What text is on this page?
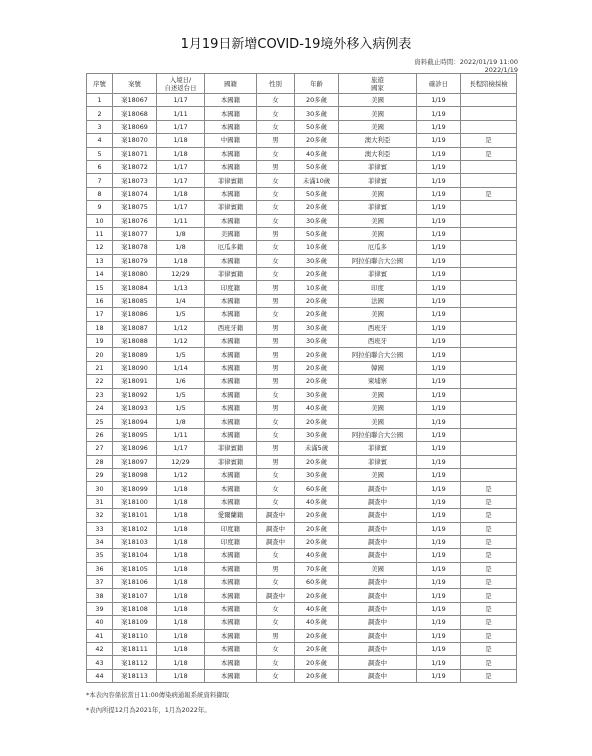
1月19日新增COVID-19境外移入病例表
資料截止時間：2022/01/19 11:00
2022/1/19
序號	案號	入境日/
自述返台日	國籍	性別	年齡	旅遊
國家	確診日	長程陪檢採檢
1	案18067	1/17	本國籍	女	20多歲	美國	1/19	
2	案18068	1/11	本國籍	女	30多歲	美國	1/19	
3	案18069	1/17	本國籍	女	50多歲	美國	1/19	
4	案18070	1/18	中國籍	男	20多歲	澳大利亞	1/19	是
5	案18071	1/18	本國籍	女	40多歲	澳大利亞	1/19	是
6	案18072	1/17	本國籍	男	50多歲	菲律賓	1/19	
7	案18073	1/17	菲律賓籍	女	未滿10歲	菲律賓	1/19	
8	案18074	1/18	本國籍	女	50多歲	美國	1/19	是
9	案18075	1/17	菲律賓籍	女	20多歲	菲律賓	1/19	
10	案18076	1/11	本國籍	女	30多歲	美國	1/19	
11	案18077	1/8	美國籍	男	50多歲	美國	1/19	
12	案18078	1/8	厄瓜多籍	女	10多歲	厄瓜多	1/19	
13	案18079	1/18	本國籍	女	30多歲	阿拉伯聯合大公國	1/19	
14	案18080	12/29	菲律賓籍	女	20多歲	菲律賓	1/19	
15	案18084	1/13	印度籍	男	10多歲	印度	1/19	
16	案18085	1/4	本國籍	男	20多歲	法國	1/19	
17	案18086	1/5	本國籍	女	20多歲	美國	1/19	
18	案18087	1/12	西班牙籍	男	30多歲	西班牙	1/19	
19	案18088	1/12	本國籍	男	30多歲	西班牙	1/19	
20	案18089	1/5	本國籍	男	20多歲	阿拉伯聯合大公國	1/19	
21	案18090	1/14	本國籍	男	20多歲	韓國	1/19	
22	案18091	1/6	本國籍	男	20多歲	柬埔寨	1/19	
23	案18092	1/5	本國籍	女	30多歲	美國	1/19	
24	案18093	1/5	本國籍	男	40多歲	美國	1/19	
25	案18094	1/8	本國籍	女	20多歲	美國	1/19	
26	案18095	1/11	本國籍	女	30多歲	阿拉伯聯合大公國	1/19	
27	案18096	1/17	菲律賓籍	男	未滿5歲	菲律賓	1/19	
28	案18097	12/29	菲律賓籍	男	20多歲	菲律賓	1/19	
29	案18098	1/12	本國籍	女	30多歲	美國	1/19	
30	案18099	1/18	本國籍	女	60多歲	調查中	1/19	是
31	案18100	1/18	本國籍	女	40多歲	調查中	1/19	是
32	案18101	1/18	愛爾蘭籍	調查中	20多歲	調查中	1/19	是
33	案18102	1/18	印度籍	調查中	20多歲	調查中	1/19	是
34	案18103	1/18	印度籍	調查中	20多歲	調查中	1/19	是
35	案18104	1/18	本國籍	女	40多歲	調查中	1/19	是
36	案18105	1/18	本國籍	男	70多歲	美國	1/19	是
37	案18106	1/18	本國籍	女	60多歲	調查中	1/19	是
38	案18107	1/18	本國籍	調查中	20多歲	調查中	1/19	是
39	案18108	1/18	本國籍	女	40多歲	調查中	1/19	是
40	案18109	1/18	本國籍	女	40多歲	調查中	1/19	是
41	案18110	1/18	本國籍	男	20多歲	調查中	1/19	是
42	案18111	1/18	本國籍	女	20多歲	調查中	1/19	是
43	案18112	1/18	本國籍	女	20多歲	調查中	1/19	是
44	案18113	1/18	本國籍	女	20多歲	調查中	1/19	是
*本表內容係依當日11:00傳染病通報系統資料擷取
*表內所提12月為2021年，1月為2022年。
